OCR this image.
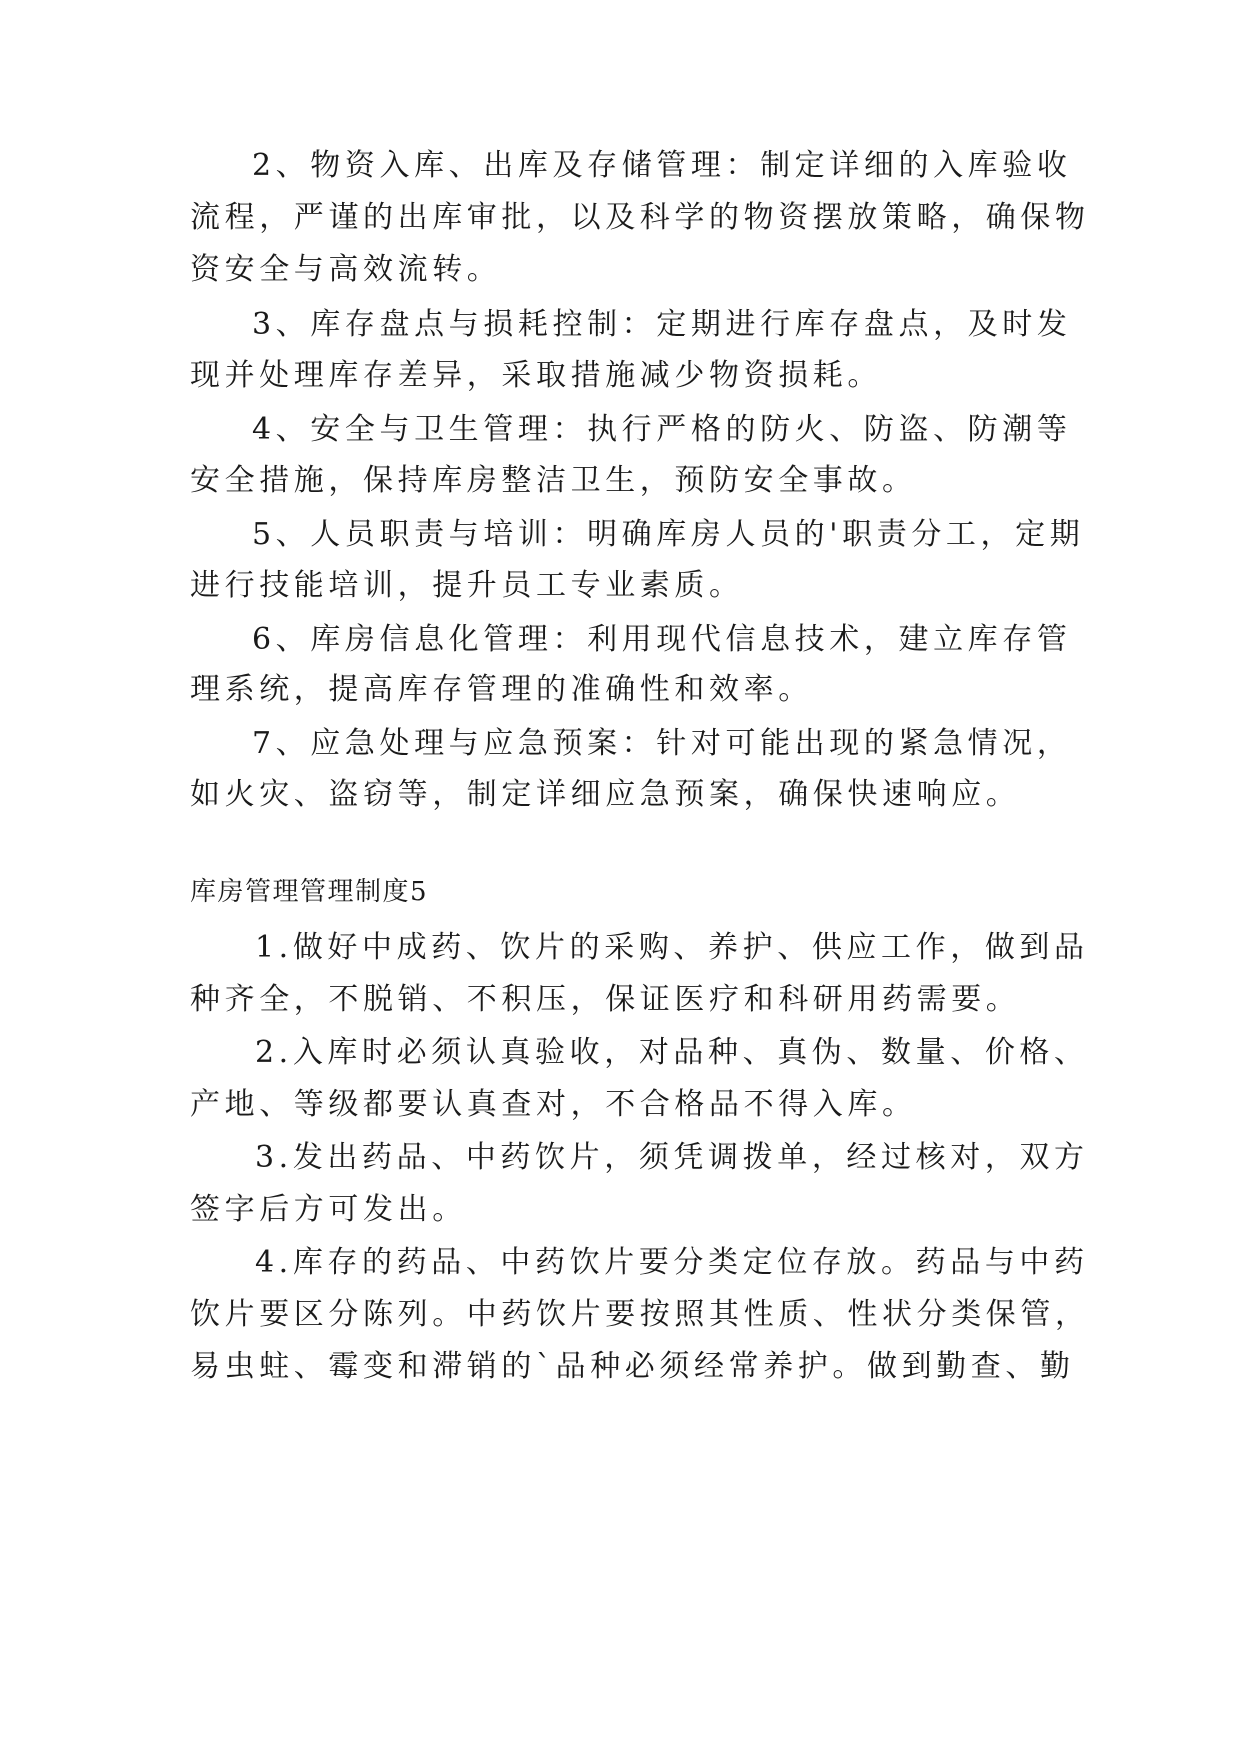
2、物资入库、出库及存储管理：制定详细的入库验收
流程，严谨的出库审批，以及科学的物资摆放策略，确保物
资安全与高效流转。
3、库存盘点与损耗控制：定期进行库存盘点，及时发
现并处理库存差异，采取措施减少物资损耗。
4、安全与卫生管理：执行严格的防火、防盗、防潮等
安全措施，保持库房整洁卫生，预防安全事故。
5、人员职责与培训：明确库房人员的'职责分工，定期
进行技能培训，提升员工专业素质。
6、库房信息化管理：利用现代信息技术，建立库存管
理系统，提高库存管理的准确性和效率。
7、应急处理与应急预案：针对可能出现的紧急情况，
如火灾、盗窃等，制定详细应急预案，确保快速响应。
库房管理管理制度5
1.做好中成药、饮片的采购、养护、供应工作，做到品
种齐全，不脱销、不积压，保证医疗和科研用药需要。
2.入库时必须认真验收，对品种、真伪、数量、价格、
产地、等级都要认真查对，不合格品不得入库。
3.发出药品、中药饮片，须凭调拨单，经过核对，双方
签字后方可发出。
4.库存的药品、中药饮片要分类定位存放。药品与中药
饮片要区分陈列。中药饮片要按照其性质、性状分类保管，
易虫蛀、霉变和滞销的`品种必须经常养护。做到勤查、勤
